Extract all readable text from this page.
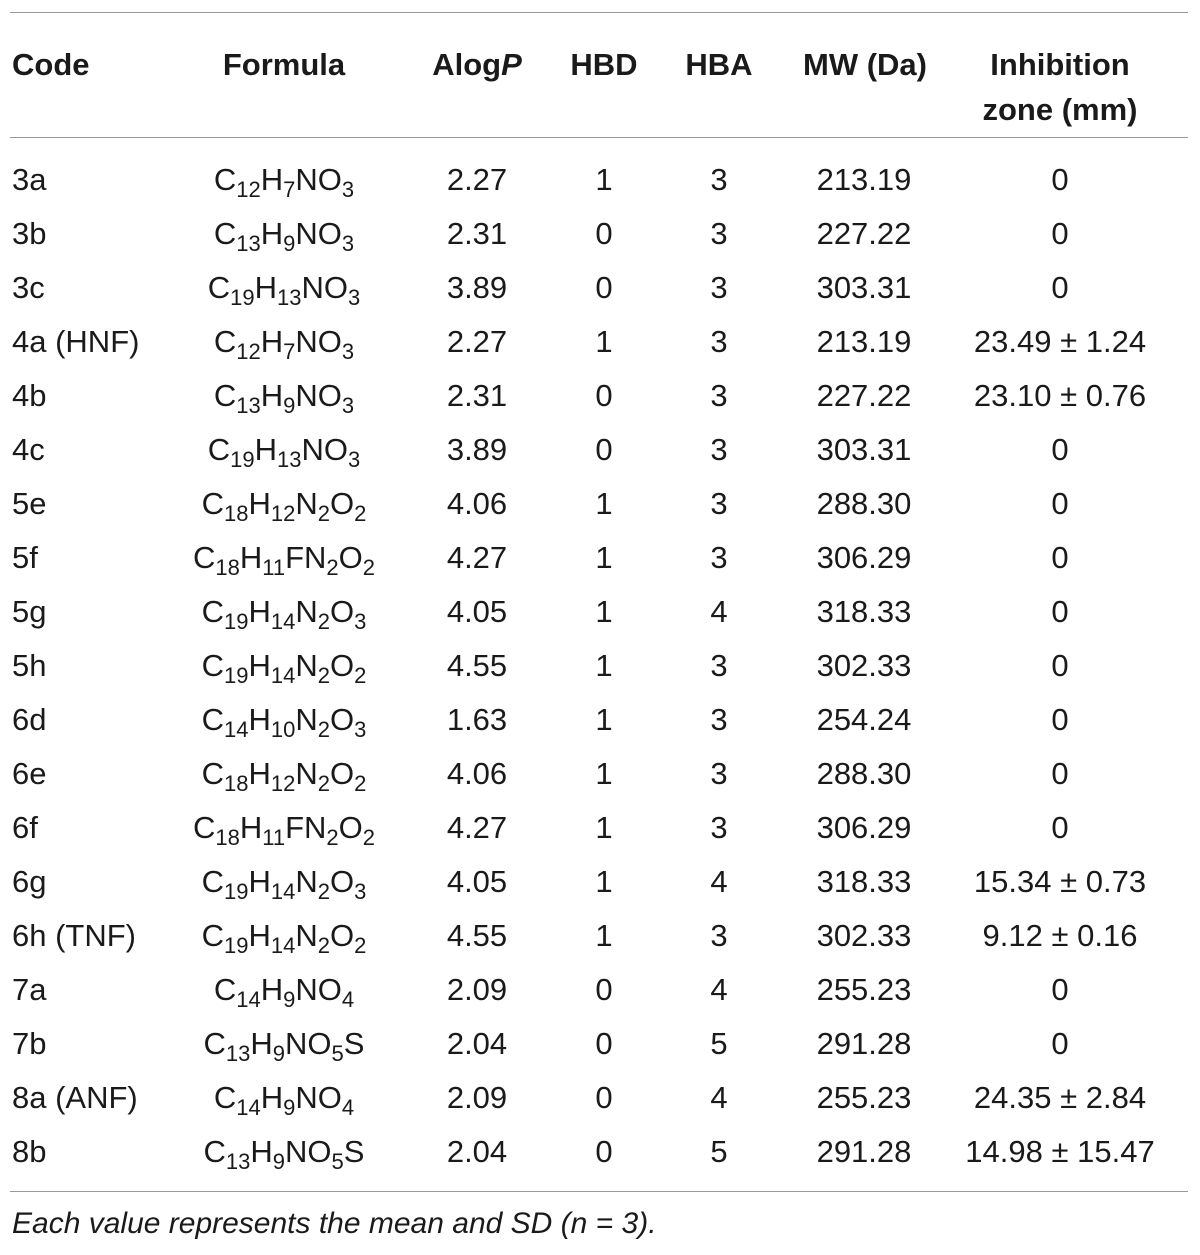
Code	Formula	AlogP	HBD	HBA	MW (Da)	Inhibition
zone (mm)
3a	$C_{12}H_7NO_3$	2.27	1	3	213.19	0
3b	$C_{13}H_9NO_3$	2.31	0	3	227.22	0
3c	$C_{19}H_{13}NO_3$	3.89	0	3	303.31	0
4a (HNF)	$C_{12}H_7NO_3$	2.27	1	3	213.19	23.49 ± 1.24
4b	$C_{13}H_9NO_3$	2.31	0	3	227.22	23.10 ± 0.76
4c	$C_{19}H_{13}NO_3$	3.89	0	3	303.31	0
5e	$C_{18}H_{12}N_2O_2$	4.06	1	3	288.30	0
5f	$C_{18}H_{11}FN_2O_2$	4.27	1	3	306.29	0
5g	$C_{19}H_{14}N_2O_3$	4.05	1	4	318.33	0
5h	$C_{19}H_{14}N_2O_2$	4.55	1	3	302.33	0
6d	$C_{14}H_{10}N_2O_3$	1.63	1	3	254.24	0
6e	$C_{18}H_{12}N_2O_2$	4.06	1	3	288.30	0
6f	$C_{18}H_{11}FN_2O_2$	4.27	1	3	306.29	0
6g	$C_{19}H_{14}N_2O_3$	4.05	1	4	318.33	15.34 ± 0.73
6h (TNF)	$C_{19}H_{14}N_2O_2$	4.55	1	3	302.33	9.12 ± 0.16
7a	$C_{14}H_9NO_4$	2.09	0	4	255.23	0
7b	$C_{13}H_9NO_5S$	2.04	0	5	291.28	0
8a (ANF)	$C_{14}H_9NO_4$	2.09	0	4	255.23	24.35 ± 2.84
8b	$C_{13}H_9NO_5S$	2.04	0	5	291.28	14.98 ± 15.47
Each value represents the mean and SD (n = 3).
